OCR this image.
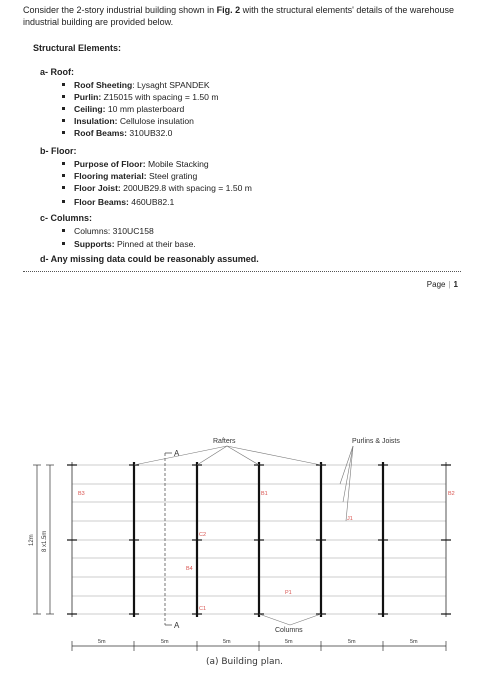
Consider the 2-story industrial building shown in Fig. 2 with the structural elements' details of the warehouse industrial building are provided below.
Structural Elements:
a- Roof:
Roof Sheeting: Lysaght SPANDEK
Purlin: Z15015 with spacing = 1.50 m
Ceiling: 10 mm plasterboard
Insulation: Cellulose insulation
Roof Beams: 310UB32.0
b- Floor:
Purpose of Floor: Mobile Stacking
Flooring material: Steel grating
Floor Joist: 200UB29.8 with spacing = 1.50 m
Floor Beams: 460UB82.1
c- Columns:
Columns: 310UC158
Supports: Pinned at their base.
d- Any missing data could be reasonably assumed.
Page | 1
A
A
Rafters	Purlins & Joists
Columns
B3	B1	B2
J1
C2
B4
P1
C1
12m 8 x1.5m
5m	5m	5m	5m	5m	5m
(a) Building plan.
